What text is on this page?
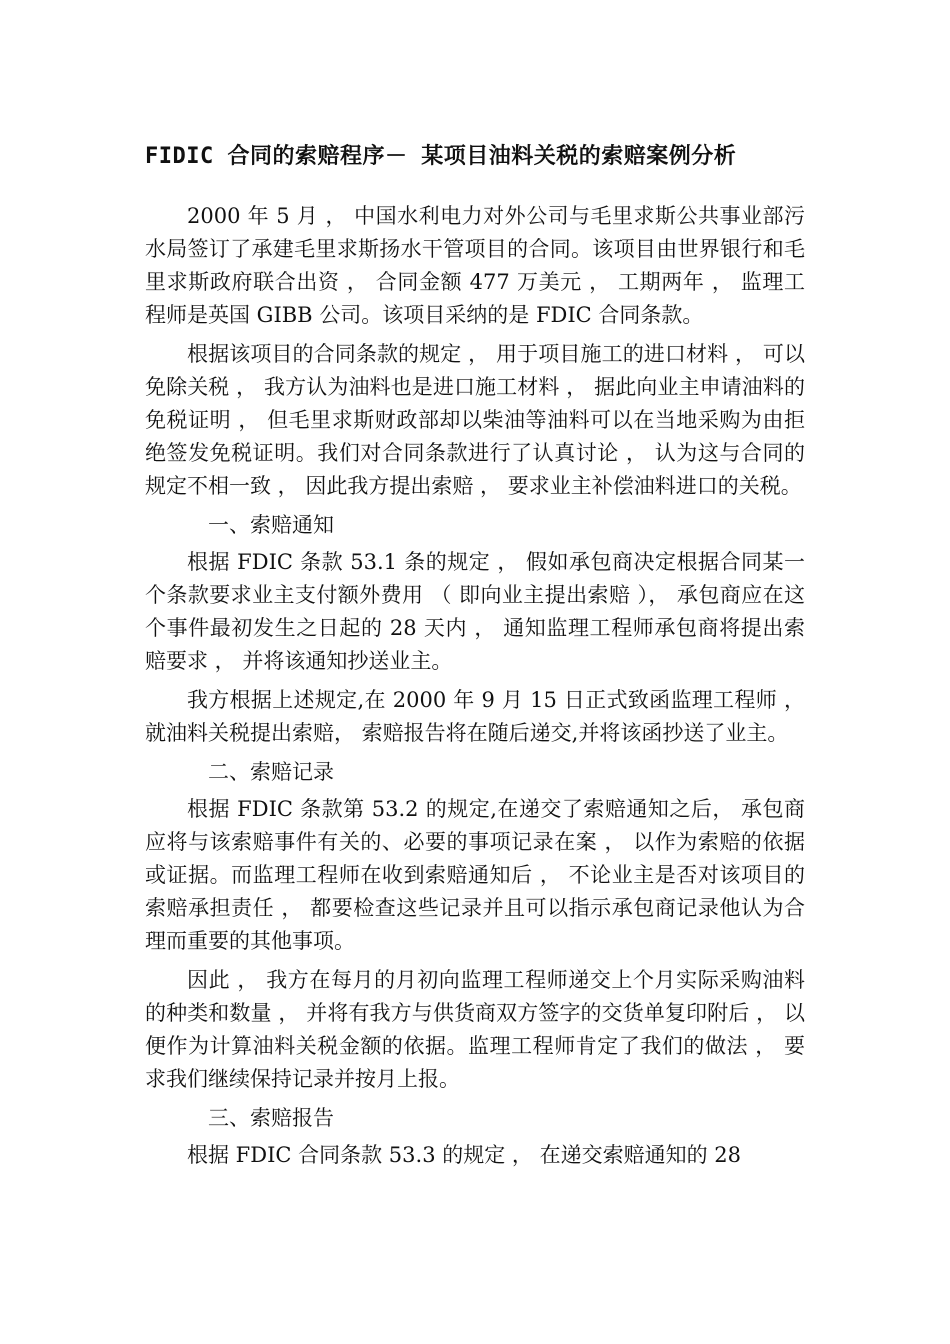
FIDIC 合同的索赔程序－ 某项目油料关税的索赔案例分析

2000 年 5 月 ， 中国水利电力对外公司与毛里求斯公共事业部污水局签订了承建毛里求斯扬水干管项目的合同。该项目由世界银行和毛里求斯政府联合出资 ， 合同金额 477 万美元 ， 工期两年 ， 监理工程师是英国 GIBB 公司。该项目采纳的是 FDIC 合同条款。

根据该项目的合同条款的规定 ， 用于项目施工的进口材料 ， 可以免除关税 ， 我方认为油料也是进口施工材料 ， 据此向业主申请油料的免税证明 ， 但毛里求斯财政部却以柴油等油料可以在当地采购为由拒绝签发免税证明。我们对合同条款进行了认真讨论 ， 认为这与合同的规定不相一致 ， 因此我方提出索赔 ， 要求业主补偿油料进口的关税。

一、索赔通知

根据 FDIC 条款 53.1 条的规定 ， 假如承包商决定根据合同某一个条款要求业主支付额外费用 （ 即向业主提出索赔 ）， 承包商应在这个事件最初发生之日起的 28 天内 ， 通知监理工程师承包商将提出索赔要求 ， 并将该通知抄送业主。

我方根据上述规定,在 2000 年 9 月 15 日正式致函监理工程师 ， 就油料关税提出索赔， 索赔报告将在随后递交,并将该函抄送了业主。

二、索赔记录

根据 FDIC 条款第 53.2 的规定,在递交了索赔通知之后， 承包商应将与该索赔事件有关的、必要的事项记录在案 ， 以作为索赔的依据或证据。而监理工程师在收到索赔通知后 ， 不论业主是否对该项目的索赔承担责任 ， 都要检查这些记录并且可以指示承包商记录他认为合理而重要的其他事项。

因此 ， 我方在每月的月初向监理工程师递交上个月实际采购油料的种类和数量 ， 并将有我方与供货商双方签字的交货单复印附后 ， 以便作为计算油料关税金额的依据。监理工程师肯定了我们的做法 ， 要求我们继续保持记录并按月上报。

三、索赔报告

根据 FDIC 合同条款 53.3 的规定 ， 在递交索赔通知的 28
